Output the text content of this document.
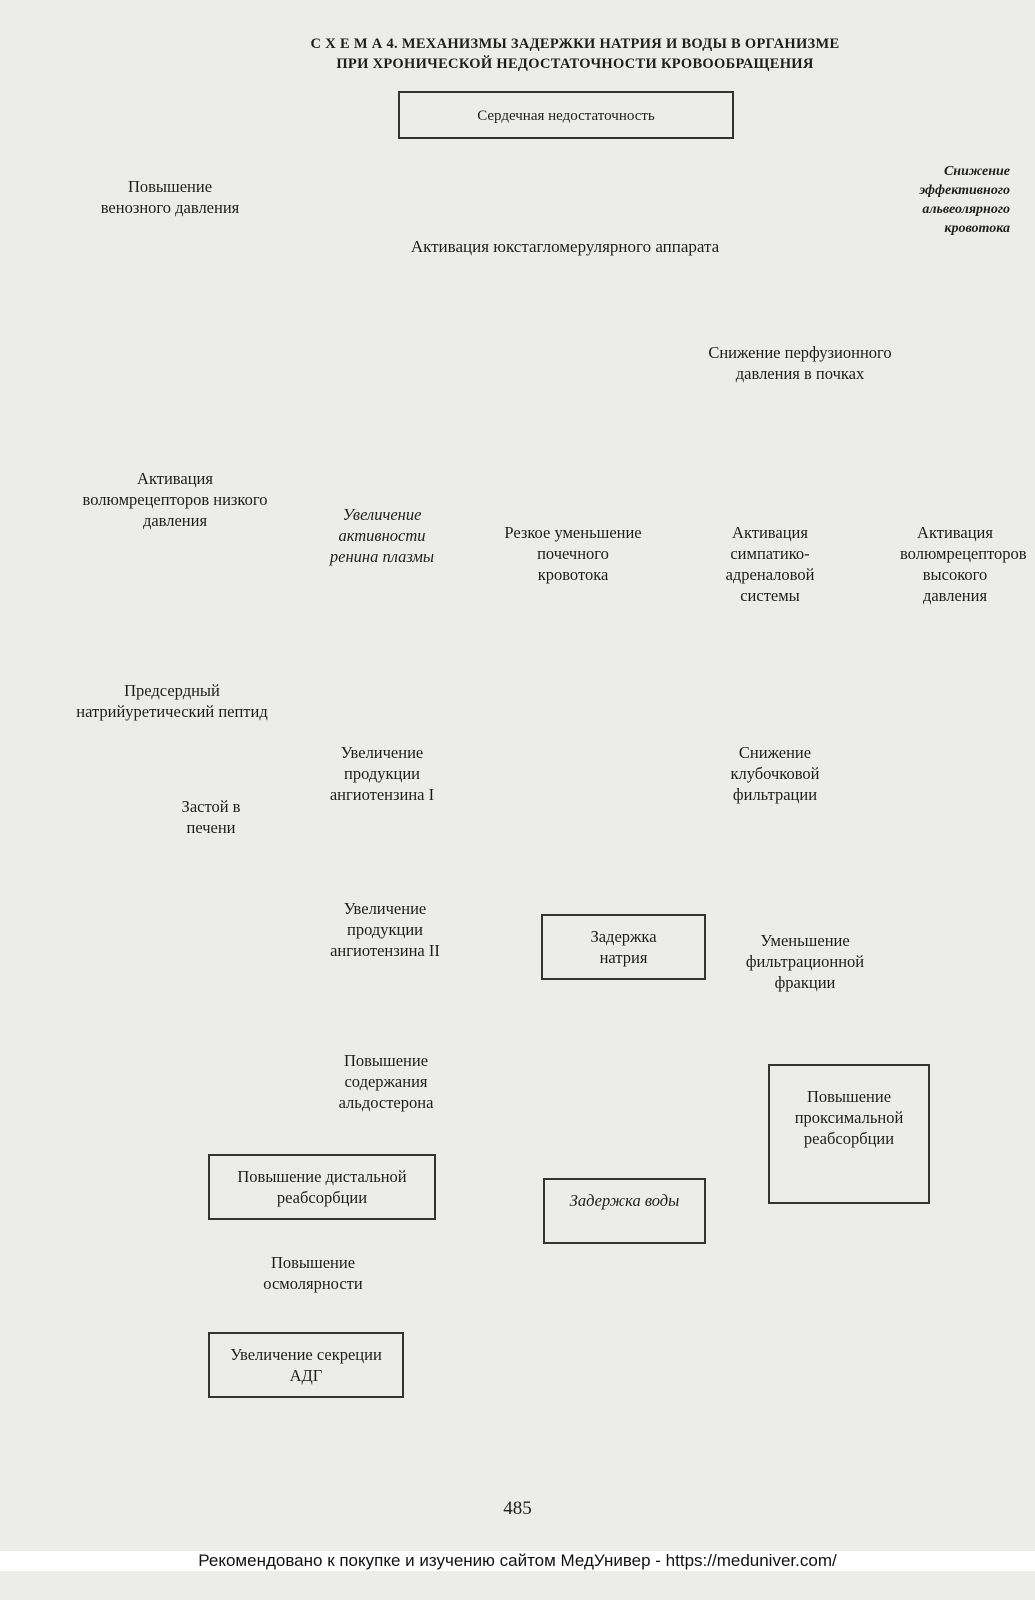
С Х Е М А 4. МЕХАНИЗМЫ ЗАДЕРЖКИ НАТРИЯ И ВОДЫ В ОРГАНИЗМЕ
ПРИ ХРОНИЧЕСКОЙ НЕДОСТАТОЧНОСТИ КРОВООБРАЩЕНИЯ
Сердечная недостаточность
Повышение венозного давления
Активация юкстагломерулярного аппарата
Снижение эффективного альвеолярного кровотока
Снижение перфузионного давления в почках
Активация волюмрецепторов низкого давления	Увеличение активности ренина плазмы
Резкое уменьшение почечного кровотока
Активация симпатико-адреналовой системы
Активация волюмрецепторов высокого давления
Предсердный натрийуретический пептид
Увеличение продукции ангиотензина I
Снижение клубочковой фильтрации
Застой в печени
Увеличение продукции ангиотензина II
Задержка натрия
Уменьшение фильтрационной фракции
Повышение содержания альдостерона	Повышение проксимальной реабсорбции
Повышение дистальной реабсорбции	Задержка воды
Повышение осмолярности
Увеличение секреции АДГ
485
Рекомендовано к покупке и изучению сайтом МедУнивер - https://meduniver.com/
